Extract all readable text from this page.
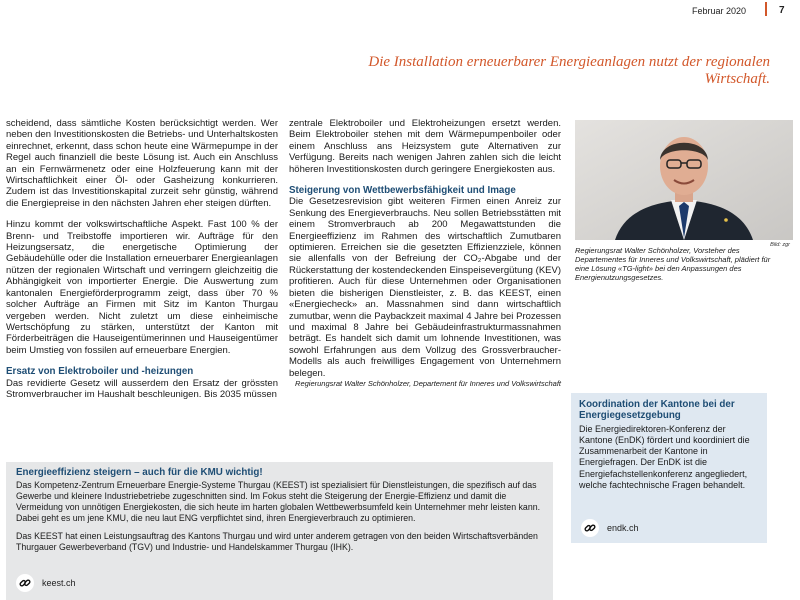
Februar 2020	7
Die Installation erneuerbarer Energieanlagen nutzt der regionalen Wirtschaft.

scheidend, dass sämtliche Kosten berücksichtigt werden. Wer neben den Investitionskosten die Betriebs- und Unterhaltskosten einrechnet, erkennt, dass schon heute eine Wärmepumpe in der Regel auch finanziell die beste Lösung ist. Auch ein Anschluss an ein Fernwärmenetz oder eine Holzfeuerung kann mit der Wirtschaftlichkeit einer Öl- oder Gasheizung konkurrieren. Zudem ist das Investitionskapital zurzeit sehr günstig, während die Energiepreise in den nächsten Jahren eher steigen dürften.

Hinzu kommt der volkswirtschaftliche Aspekt. Fast 100 % der Brenn- und Treibstoffe importieren wir. Aufträge für den Heizungsersatz, die energetische Optimierung der Gebäudehülle oder die Installation erneuerbarer Energieanlagen nützen der regionalen Wirtschaft und verringern gleichzeitig die Abhängigkeit von importierter Energie. Die Auswertung zum kantonalen Energieförderprogramm zeigt, dass über 70 % solcher Aufträge an Firmen mit Sitz im Kanton Thurgau vergeben werden. Nicht zuletzt um diese einheimische Wertschöpfung zu stärken, unterstützt der Kanton mit Förderbeiträgen die Hauseigentümerinnen und Hauseigentümer beim Umstieg von fossilen auf erneuerbare Energien.

Ersatz von Elektroboiler und -heizungen

Das revidierte Gesetz will ausserdem den Ersatz der grössten Stromverbraucher im Haushalt beschleunigen. Bis 2035 müssen

zentrale Elektroboiler und Elektroheizungen ersetzt werden. Beim Elektroboiler stehen mit dem Wärmepumpenboiler oder einem Anschluss ans Heizsystem gute Alternativen zur Verfügung. Bereits nach wenigen Jahren zahlen sich die leicht höheren Investitionskosten durch geringere Energiekosten aus.

Steigerung von Wettbewerbsfähigkeit und Image

Die Gesetzesrevision gibt weiteren Firmen einen Anreiz zur Senkung des Energieverbrauchs. Neu sollen Betriebsstätten mit einem Stromverbrauch ab 200 Megawattstunden die Energieeffizienz im Rahmen des wirtschaftlich Zumutbaren optimieren. Erreichen sie die gesetzten Effizienzziele, können sie allenfalls von der Befreiung der CO₂-Abgabe und der Rückerstattung der kostendeckenden Einspeisevergütung (KEV) profitieren. Auch für diese Unternehmen oder Organisationen bieten die bisherigen Dienstleister, z. B. das KEEST, einen «Energiecheck» an. Massnahmen sind dann wirtschaftlich zumutbar, wenn die Paybackzeit maximal 4 Jahre bei Prozessen und maximal 8 Jahre bei Gebäudeinfrastrukturmassnahmen beträgt. Es handelt sich damit um lohnende Investitionen, was sowohl Erfahrungen aus dem Vollzug des Grossverbraucher-Modells als auch freiwilliges Engagement von Unternehmern belegen.

Regierungsrat Walter Schönholzer, Departement für Inneres und Volkswirtschaft

Bild: zgr
Regierungsrat Walter Schönholzer, Vorsteher des Departementes für Inneres und Volkswirtschaft, plädiert für eine Lösung «TG-light» bei den Anpassungen des Energienutzungsgesetzes.
Koordination der Kantone bei der Energiegesetzgebung
Die Energiedirektoren-Konferenz der Kantone (EnDK) fördert und koordiniert die Zusammenarbeit der Kantone in Energiefragen. Der EnDK ist die Energiefachstellenkonferenz angegliedert, welche fachtechnische Fragen behandelt.
endk.ch
Energieeffizienz steigern – auch für die KMU wichtig!

Das Kompetenz-Zentrum Erneuerbare Energie-Systeme Thurgau (KEEST) ist spezialisiert für Dienstleistungen, die spezifisch auf das Gewerbe und kleinere Industriebetriebe zugeschnitten sind. Im Fokus steht die Steigerung der Energie-Effizienz und damit die Vermeidung von unnötigen Energiekosten, die sich heute im harten globalen Wettbewerbsumfeld kein Unternehmer mehr leisten kann. Dabei geht es um jene KMU, die neu laut ENG verpflichtet sind, ihren Energieverbrauch zu optimieren.

Das KEEST hat einen Leistungsauftrag des Kantons Thurgau und wird unter anderem getragen von den beiden Wirtschaftsverbänden Thurgauer Gewerbeverband (TGV) und Industrie- und Handelskammer Thurgau (IHK).

keest.ch
